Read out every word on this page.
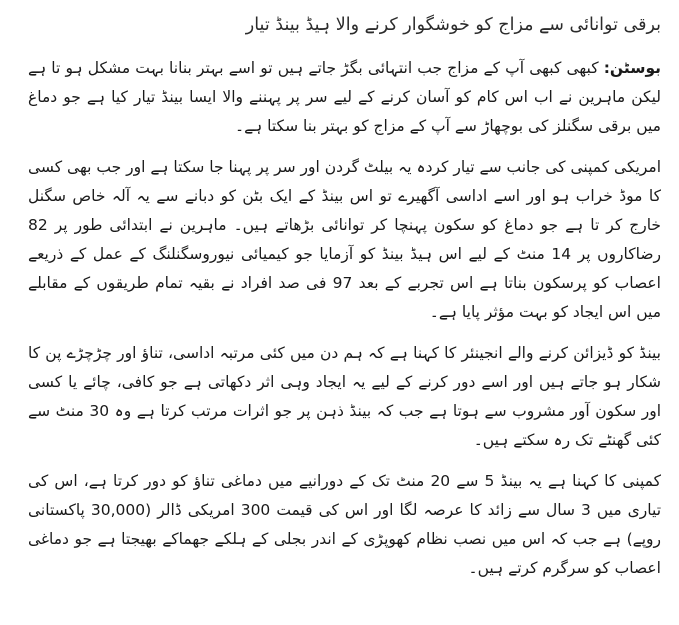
برقی توانائی سے مزاج کو خوشگوار کرنے والا ہیڈ بینڈ تیار

بوسٹن: کبھی کبھی آپ کے مزاج جب انتہائی بگڑ جاتے ہیں تو اسے بہتر بنانا بہت مشکل ہو تا ہے لیکن ماہرین نے اب اس کام کو آسان کرنے کے لیے سر پر پہننے والا ایسا بینڈ تیار کیا ہے جو دماغ میں برقی سگنلز کی بوچھاڑ سے آپ کے مزاج کو بہتر بنا سکتا ہے۔

امریکی کمپنی کی جانب سے تیار کردہ یہ بیلٹ گردن اور سر پر پہنا جا سکتا ہے اور جب بھی کسی کا موڈ خراب ہو اور اسے اداسی آگھیرے تو اس بینڈ کے ایک بٹن کو دبانے سے یہ آلہ خاص سگنل خارج کر تا ہے جو دماغ کو سکون پہنچا کر توانائی بڑھاتے ہیں۔ ماہرین نے ابتدائی طور پر 82 رضاکاروں پر 14 منٹ کے لیے اس ہیڈ بینڈ کو آزمایا جو کیمیائی نیوروسگنلنگ کے عمل کے ذریعے اعصاب کو پرسکون بناتا ہے اس تجربے کے بعد 97 فی صد افراد نے بقیہ تمام طریقوں کے مقابلے میں اس ایجاد کو بہت مؤثر پایا ہے۔

بینڈ کو ڈیزائن کرنے والے انجینئر کا کہنا ہے کہ ہم دن میں کئی مرتبہ اداسی، تناؤ اور چڑچڑے پن کا شکار ہو جاتے ہیں اور اسے دور کرنے کے لیے یہ ایجاد وہی اثر دکھاتی ہے جو کافی، چائے یا کسی اور سکون آور مشروب سے ہوتا ہے جب کہ بینڈ ذہن پر جو اثرات مرتب کرتا ہے وہ 30 منٹ سے کئی گھنٹے تک رہ سکتے ہیں۔

کمپنی کا کہنا ہے یہ بینڈ 5 سے 20 منٹ تک کے دورانیے میں دماغی تناؤ کو دور کرتا ہے، اس کی تیاری میں 3 سال سے زائد کا عرصہ لگا اور اس کی قیمت 300 امریکی ڈالر (30,000 پاکستانی روپے) ہے جب کہ اس میں نصب نظام کھوپڑی کے اندر بجلی کے ہلکے جھماکے بھیجتا ہے جو دماغی اعصاب کو سرگرم کرتے ہیں۔
